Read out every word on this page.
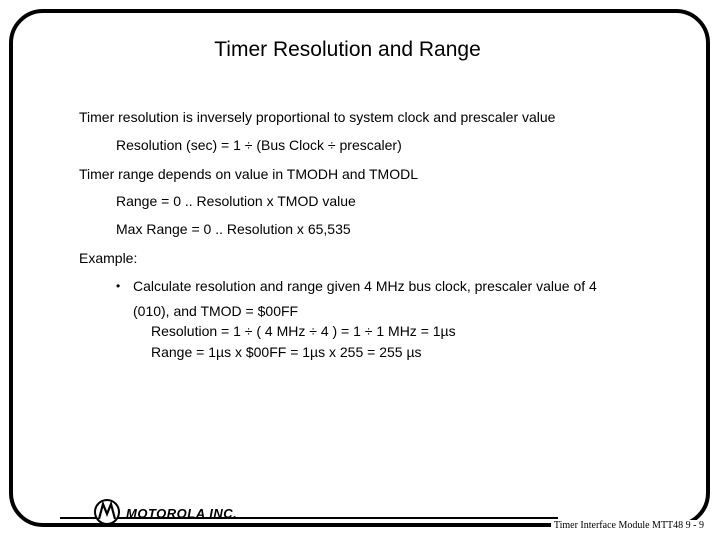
Timer Resolution and Range

Timer resolution is inversely proportional to system clock and prescaler value

Resolution (sec) = 1 ÷ (Bus Clock ÷ prescaler)

Timer range depends on value in TMODH and TMODL

Range = 0 .. Resolution x TMOD value

Max Range = 0 .. Resolution x 65,535

Example:

• Calculate resolution and range given 4 MHz bus clock, prescaler value of 4

(010), and TMOD = $00FF

Resolution = 1 ÷ ( 4 MHz ÷ 4 ) = 1 ÷ 1 MHz = 1µs

Range = 1µs x $00FF = 1µs x 255 = 255 µs

MOTOROLA INC.
Timer Interface Module MTT48 9 - 9
